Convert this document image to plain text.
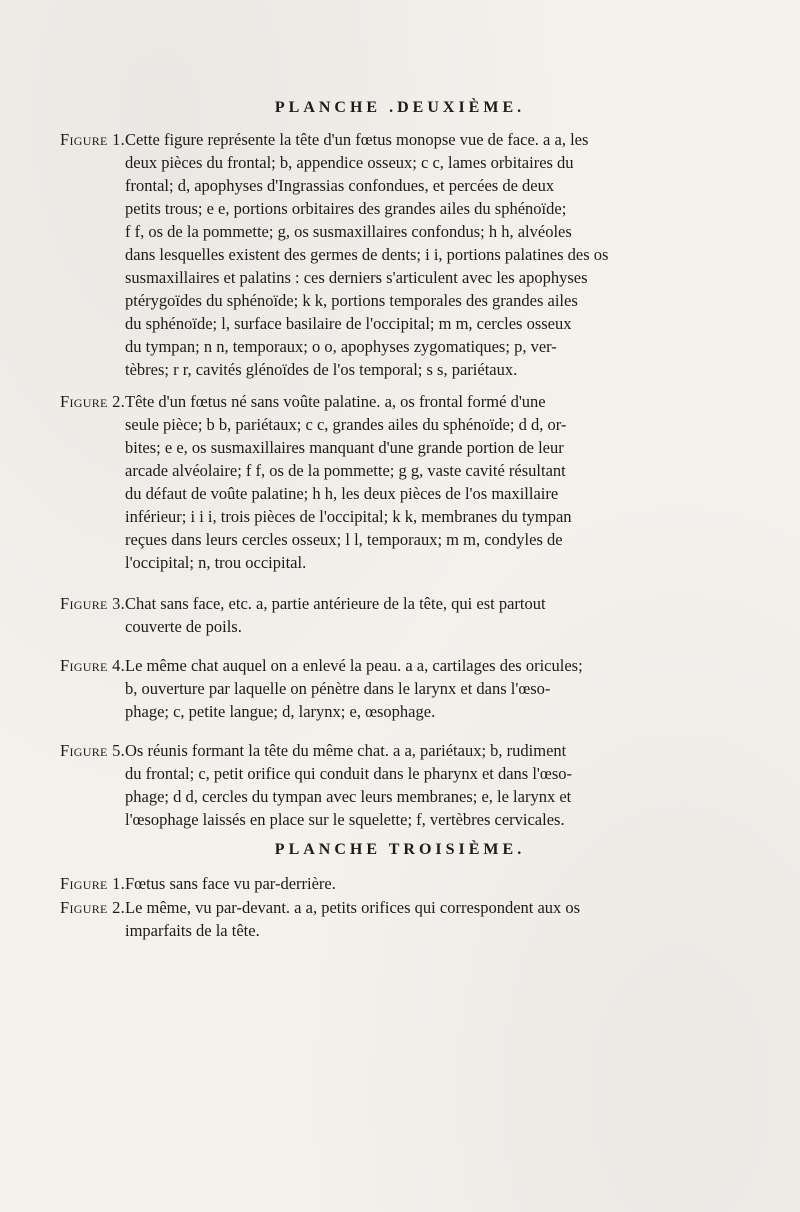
PLANCHE .DEUXIÈME.
Figure 1.Cette figure représente la tête d'un fœtus monopse vue de face. a a, les
deux pièces du frontal; b, appendice osseux; c c, lames orbitaires du
frontal; d, apophyses d'Ingrassias confondues, et percées de deux
petits trous; e e, portions orbitaires des grandes ailes du sphénoïde;
f f, os de la pommette; g, os susmaxillaires confondus; h h, alvéoles
dans lesquelles existent des germes de dents; i i, portions palatines des os
susmaxillaires et palatins : ces derniers s'articulent avec les apophyses
ptérygoïdes du sphénoïde; k k, portions temporales des grandes ailes
du sphénoïde; l, surface basilaire de l'occipital; m m, cercles osseux
du tympan; n n, temporaux; o o, apophyses zygomatiques; p, ver-
tèbres; r r, cavités glénoïdes de l'os temporal; s s, pariétaux.
Figure 2.Tête d'un fœtus né sans voûte palatine. a, os frontal formé d'une
seule pièce; b b, pariétaux; c c, grandes ailes du sphénoïde; d d, or-
bites; e e, os susmaxillaires manquant d'une grande portion de leur
arcade alvéolaire; f f, os de la pommette; g g, vaste cavité résultant
du défaut de voûte palatine; h h, les deux pièces de l'os maxillaire
inférieur; i i i, trois pièces de l'occipital; k k, membranes du tympan
reçues dans leurs cercles osseux; l l, temporaux; m m, condyles de
l'occipital; n, trou occipital.
Figure 3.Chat sans face, etc. a, partie antérieure de la tête, qui est partout
couverte de poils.
Figure 4.Le même chat auquel on a enlevé la peau. a a, cartilages des oricules;
b, ouverture par laquelle on pénètre dans le larynx et dans l'œso-
phage; c, petite langue; d, larynx; e, œsophage.
Figure 5.Os réunis formant la tête du même chat. a a, pariétaux; b, rudiment
du frontal; c, petit orifice qui conduit dans le pharynx et dans l'œso-
phage; d d, cercles du tympan avec leurs membranes; e, le larynx et
l'œsophage laissés en place sur le squelette; f, vertèbres cervicales.
PLANCHE TROISIÈME.
Figure 1.Fœtus sans face vu par-derrière.
Figure 2.Le même, vu par-devant. a a, petits orifices qui correspondent aux os
imparfaits de la tête.
